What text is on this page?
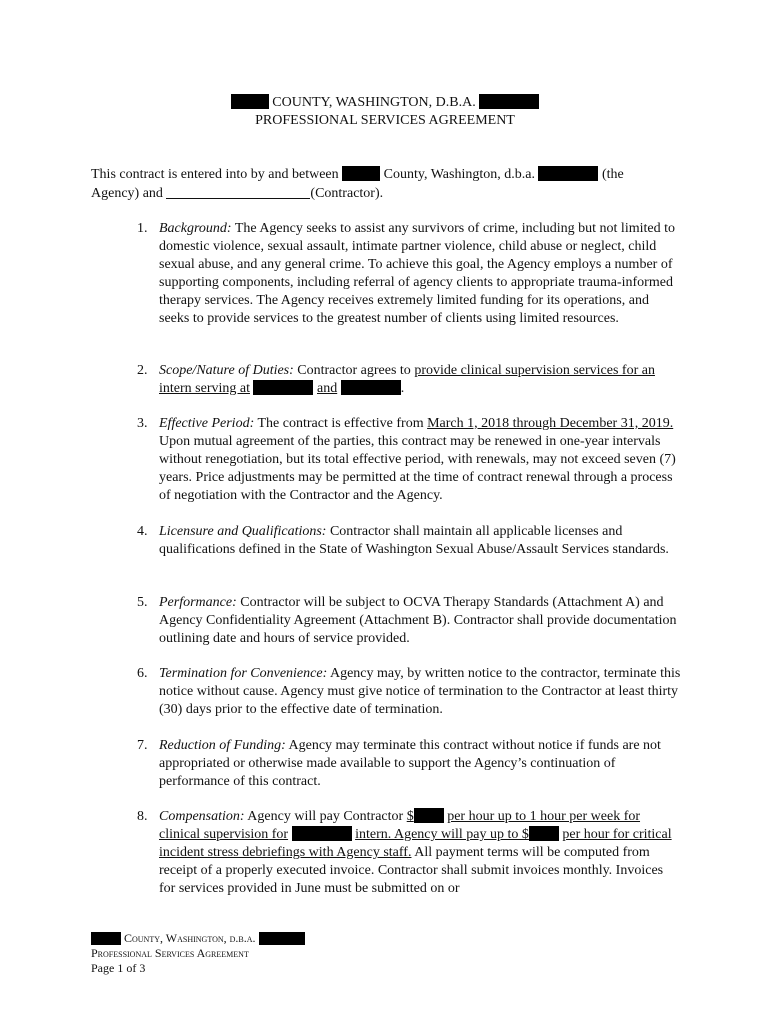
COUNTY, WASHINGTON, D.B.A.
PROFESSIONAL SERVICES AGREEMENT
This contract is entered into by and between	County, Washington, d.b.a.	(the Agency) and	(Contractor).
1. Background: The Agency seeks to assist any survivors of crime, including but not limited to domestic violence, sexual assault, intimate partner violence, child abuse or neglect, child sexual abuse, and any general crime. To achieve this goal, the Agency employs a number of supporting components, including referral of agency clients to appropriate trauma-informed therapy services. The Agency receives extremely limited funding for its operations, and seeks to provide services to the greatest number of clients using limited resources.
2. Scope/Nature of Duties: Contractor agrees to provide clinical supervision services for an intern serving at	and	.
3. Effective Period: The contract is effective from March 1, 2018 through December 31, 2019. Upon mutual agreement of the parties, this contract may be renewed in one-year intervals without renegotiation, but its total effective period, with renewals, may not exceed seven (7) years. Price adjustments may be permitted at the time of contract renewal through a process of negotiation with the Contractor and the Agency.
4. Licensure and Qualifications: Contractor shall maintain all applicable licenses and qualifications defined in the State of Washington Sexual Abuse/Assault Services standards.
5. Performance: Contractor will be subject to OCVA Therapy Standards (Attachment A) and Agency Confidentiality Agreement (Attachment B). Contractor shall provide documentation outlining date and hours of service provided.
6. Termination for Convenience: Agency may, by written notice to the contractor, terminate this notice without cause. Agency must give notice of termination to the Contractor at least thirty (30) days prior to the effective date of termination.
7. Reduction of Funding: Agency may terminate this contract without notice if funds are not appropriated or otherwise made available to support the Agency’s continuation of performance of this contract.
8. Compensation: Agency will pay Contractor $ per hour up to 1 hour per week for clinical supervision for	intern. Agency will pay up to $ per hour for critical incident stress debriefings with Agency staff. All payment terms will be computed from receipt of a properly executed invoice. Contractor shall submit invoices monthly. Invoices for services provided in June must be submitted on or
County, Washington, d.b.a.
Professional Services Agreement
Page 1 of 3
